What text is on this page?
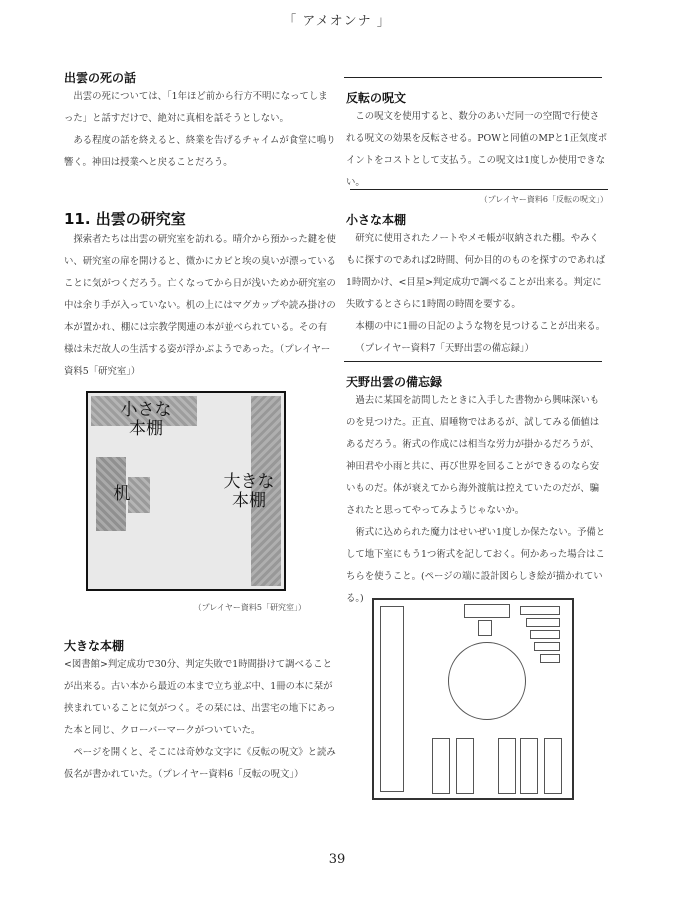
「 アメオンナ 」
出雲の死の話

出雲の死については、「1年ほど前から行方不明になってしまった」と話すだけで、絶対に真相を話そうとしない。

ある程度の話を終えると、終業を告げるチャイムが食堂に鳴り響く。神田は授業へと戻ることだろう。

11. 出雲の研究室

探索者たちは出雲の研究室を訪れる。晴介から預かった鍵を使い、研究室の扉を開けると、微かにカビと埃の臭いが漂っていることに気がつくだろう。亡くなってから日が浅いためか研究室の中は余り手が入っていない。机の上にはマグカップや読み掛けの本が置かれ、棚には宗教学関連の本が並べられている。その有様は未だ故人の生活する姿が浮かぶようであった。（プレイヤー資料5「研究室」）

小さな
本棚
机
大きな
本棚
（プレイヤー資料5「研究室」）
大きな本棚

<図書館>判定成功で30分、判定失敗で1時間掛けて調べることが出来る。古い本から最近の本まで立ち並ぶ中、1冊の本に栞が挟まれていることに気がつく。その栞には、出雲宅の地下にあった本と同じ、クローバーマークがついていた。

ページを開くと、そこには奇妙な文字に《反転の呪文》と読み仮名が書かれていた。（プレイヤー資料6「反転の呪文」）

反転の呪文

この呪文を使用すると、数分のあいだ同一の空間で行使される呪文の効果を反転させる。POWと同値のMPと1正気度ポイントをコストとして支払う。この呪文は1度しか使用できない。

（プレイヤー資料6「反転の呪文」）
小さな本棚

研究に使用されたノートやメモ帳が収納された棚。やみくもに探すのであれば2時間、何か目的のものを探すのであれば1時間かけ、<目星>判定成功で調べることが出来る。判定に失敗するとさらに1時間の時間を要する。

本棚の中に1冊の日記のような物を見つけることが出来る。

（プレイヤー資料7「天野出雲の備忘録」）

天野出雲の備忘録

過去に某国を訪問したときに入手した書物から興味深いものを見つけた。正直、眉唾物ではあるが、試してみる価値はあるだろう。術式の作成には相当な労力が掛かるだろうが、神田君や小雨と共に、再び世界を回ることができるのなら安いものだ。体が衰えてから海外渡航は控えていたのだが、騙されたと思ってやってみようじゃないか。

術式に込められた魔力はせいぜい1度しか保たない。予備として地下室にもう1つ術式を記しておく。何かあった場合はこちらを使うこと。(ページの端に設計図らしき絵が描かれている。)

39
